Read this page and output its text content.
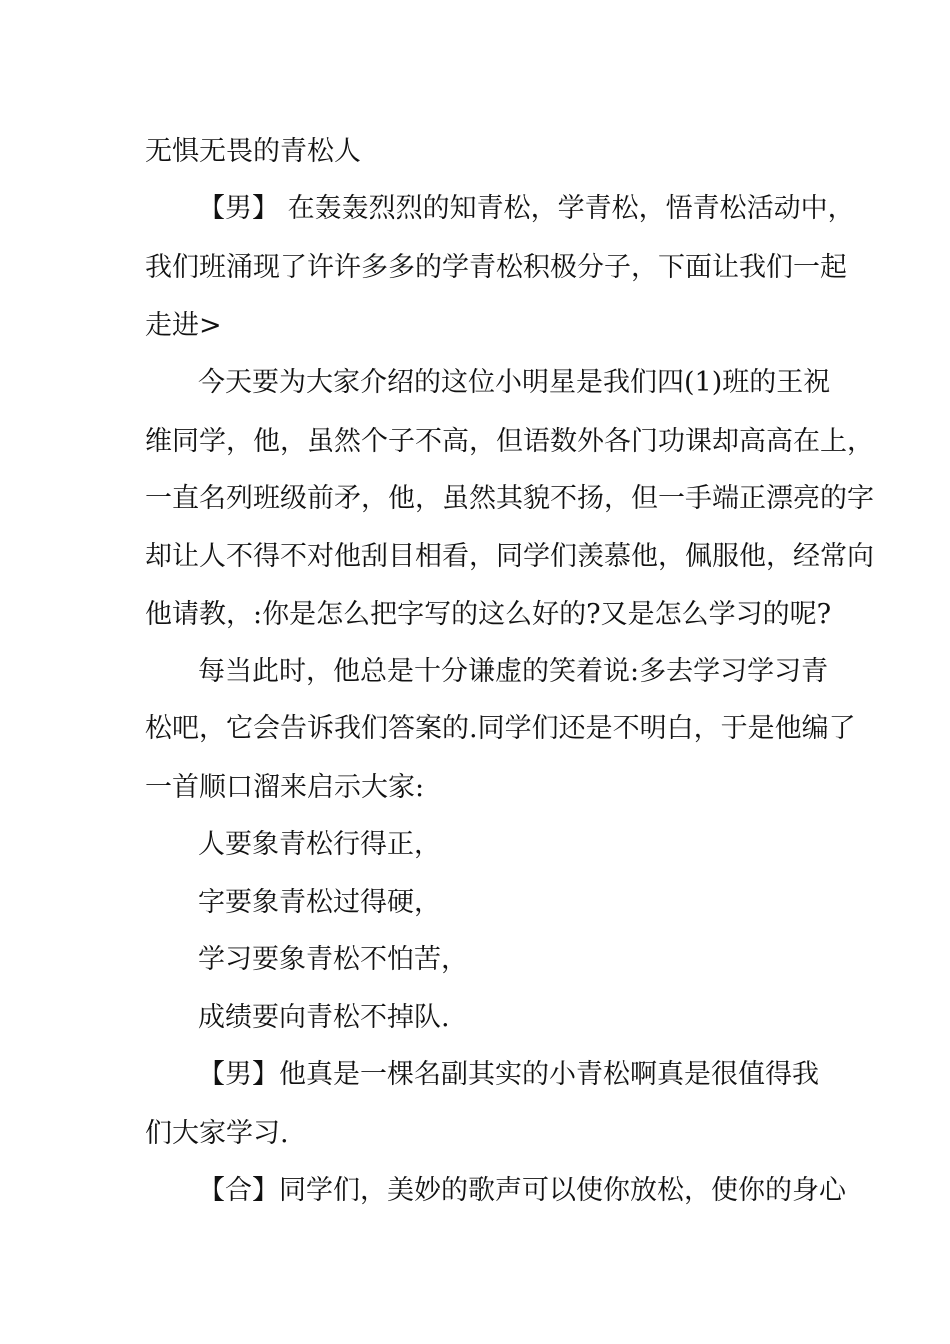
无惧无畏的青松人
【男】 在轰轰烈烈的知青松，学青松，悟青松活动中，
我们班涌现了许许多多的学青松积极分子，下面让我们一起
走进>
今天要为大家介绍的这位小明星是我们四(1)班的王祝
维同学，他，虽然个子不高，但语数外各门功课却高高在上，
一直名列班级前矛，他，虽然其貌不扬，但一手端正漂亮的字
却让人不得不对他刮目相看，同学们羡慕他，佩服他，经常向
他请教，:你是怎么把字写的这么好的?又是怎么学习的呢?
每当此时，他总是十分谦虚的笑着说:多去学习学习青
松吧，它会告诉我们答案的.同学们还是不明白，于是他编了
一首顺口溜来启示大家:
人要象青松行得正，
字要象青松过得硬，
学习要象青松不怕苦，
成绩要向青松不掉队.
【男】他真是一棵名副其实的小青松啊真是很值得我
们大家学习.
【合】同学们，美妙的歌声可以使你放松，使你的身心
